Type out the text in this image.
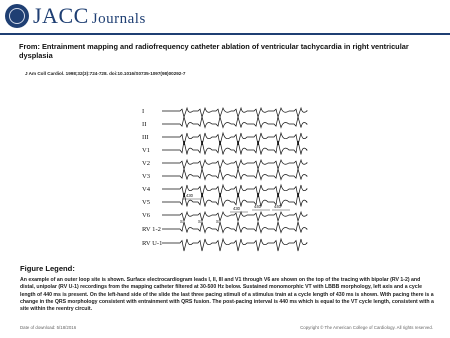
JACC Journals
From: Entrainment mapping and radiofrequency catheter ablation of ventricular tachycardia in right ventricular dysplasia
J Am Coll Cardiol. 1998;32(3):724-728. doi:10.1016/S0735-1097(98)00292-7
I
II
III
V1
V2
V3
V4
V5
V6
RV 1-2
RV U-1
430
430	440	440
S	S	S
Figure Legend:
An example of an outer loop site is shown. Surface electrocardiogram leads I, II, III and V1 through V6 are shown on the top of the tracing with bipolar (RV 1-2) and distal, unipolar (RV U-1) recordings from the mapping catheter filtered at 30-500 Hz below. Sustained monomorphic VT with LBBB morphology, left axis and a cycle length of 440 ms is present. On the left-hand side of the slide the last three pacing stimuli of a stimulus train at a cycle length of 430 ms is shown. With pacing there is a change in the QRS morphology consistent with entrainment with QRS fusion. The post-pacing interval is 440 ms which is equal to the VT cycle length, consistent with a site within the reentry circuit.
Date of download: 5/18/2016	Copyright © The American College of Cardiology. All rights reserved.
